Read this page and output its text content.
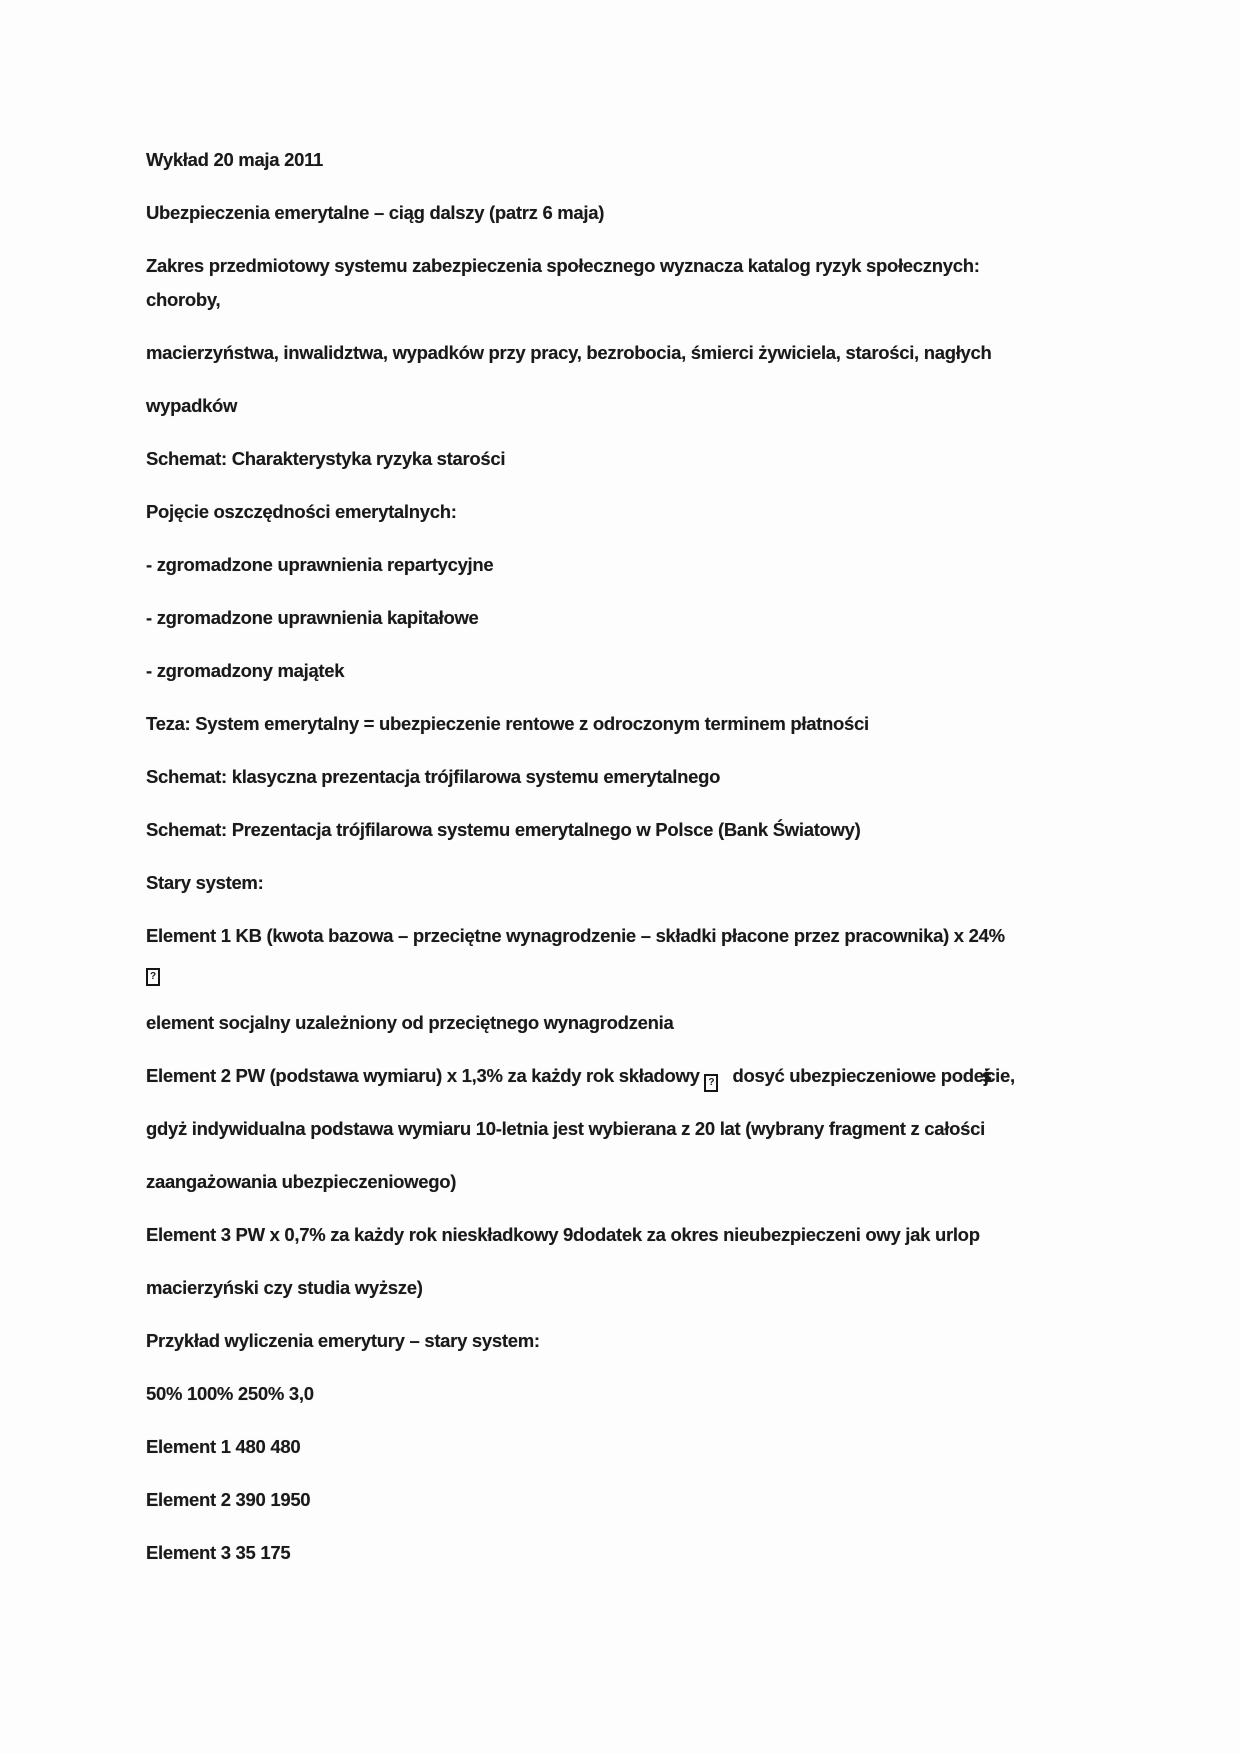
Wykład 20 maja 2011
Ubezpieczenia emerytalne – ciąg dalszy (patrz 6 maja)
Zakres przedmiotowy systemu zabezpieczenia społecznego wyznacza katalog ryzyk społecznych:
choroby,
macierzyństwa, inwalidztwa, wypadków przy pracy, bezrobocia, śmierci żywiciela, starości, nagłych
wypadków
Schemat: Charakterystyka ryzyka starości
Pojęcie oszczędności emerytalnych:
- zgromadzone uprawnienia repartycyjne
- zgromadzone uprawnienia kapitałowe
- zgromadzony majątek
Teza: System emerytalny = ubezpieczenie rentowe z odroczonym terminem płatności
Schemat: klasyczna prezentacja trójfilarowa systemu emerytalnego
Schemat: Prezentacja trójfilarowa systemu emerytalnego w Polsce (Bank Światowy)
Stary system:
Element 1 KB (kwota bazowa – przeciętne wynagrodzenie – składki płacone przez pracownika) x 24%
?
element socjalny uzależniony od przeciętnego wynagrodzenia
Element 2 PW (podstawa wymiaru) x 1,3% za każdy rok składowy ? dosyć ubezpieczeniowe podejście,
gdyż indywidualna podstawa wymiaru 10-letnia jest wybierana z 20 lat (wybrany fragment z całości
zaangażowania ubezpieczeniowego)
Element 3 PW x 0,7% za każdy rok nieskładkowy 9dodatek za okres nieubezpieczeni owy jak urlop
macierzyński czy studia wyższe)
Przykład wyliczenia emerytury – stary system:
50% 100% 250% 3,0
Element 1 480 480
Element 2 390 1950
Element 3 35 175
